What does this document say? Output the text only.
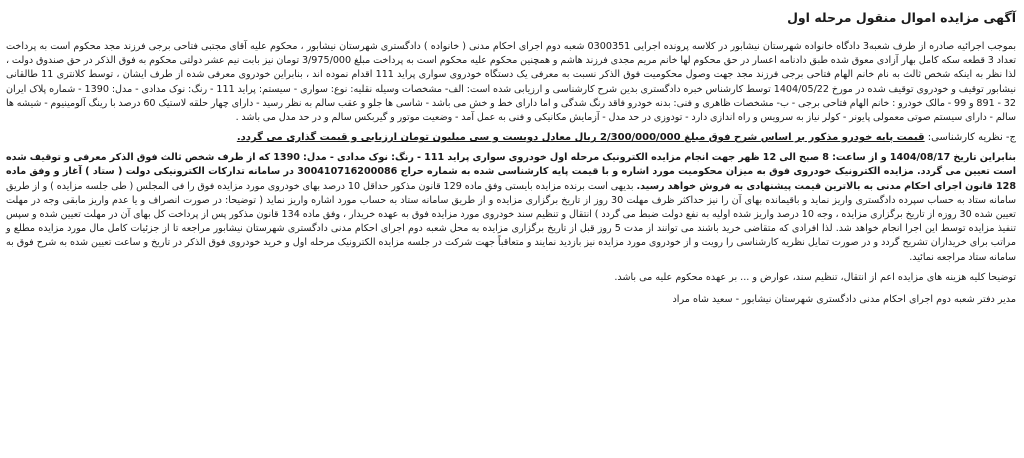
آگهی مزایده اموال منقول مرحله اول

بموجب اجرائیه صادره از طرف شعبه3 دادگاه خانواده شهرستان نیشابور در کلاسه پرونده اجرایی 0300351 شعبه دوم اجرای احکام مدنی ( خانواده ) دادگستری شهرستان نیشابور ، محکوم علیه آقای مجتبی فتاحی برجی فرزند مجد محکوم است به پرداخت تعداد 3 قطعه سکه کامل بهار آزادی معوق شده طبق دادنامه اعسار در حق محکوم لها خانم مریم مجدی فرزند هاشم و همچنین محکوم علیه محکوم است به پرداخت مبلغ 3/975/000 تومان نیز بابت نیم عشر دولتی محکوم به فوق الذکر در حق صندوق دولت ، لذا نظر به اینکه شخص ثالث به نام خانم الهام فتاحی برجی فرزند مجد جهت وصول محکومیت فوق الذکر نسبت به معرفی یک دستگاه خودروی سواری پراید 111 اقدام نموده اند ، بنابراین خودروی معرفی شده از طرف ایشان ، توسط کلانتری 11 طالقانی نیشابور توقیف و خودروی توقیف شده در مورخ 1404/05/22 توسط کارشناس خبره دادگستری بدین شرح کارشناسی و ارزیابی شده است: الف- مشخصات وسیله نقلیه: نوع: سواری - سیستم: پراید 111 - رنگ: نوک مدادی - مدل: 1390 - شماره پلاک ایران 32 - 891 و 99 - مالک خودرو : خانم الهام فتاحی برجی - ب- مشخصات ظاهری و فنی: بدنه خودرو فاقد رنگ شدگی و اما دارای خط و خش می باشد - شاسی ها جلو و عقب سالم به نظر رسید - دارای چهار حلقه لاستیک 60 درصد با رینگ آلومینیوم - شیشه ها سالم - دارای سیستم صوتی معمولی پایونر - کولر نیاز به سرویس و راه اندازی دارد - تودوزی در حد مدل - آزمایش مکانیکی و فنی به عمل آمد - وضعیت موتور و گیربکس سالم و در حد مدل می باشد .

ج- نظریه کارشناسی: قیمت پایه خودرو مذکور بر اساس شرح فوق مبلغ 2/300/000/000 ریال معادل دویست و سی میلیون تومان ارزیابی و قیمت گذاری می گردد.

بنابراین تاریخ 1404/08/17 و از ساعت: 8 صبح الی 12 ظهر جهت انجام مزایده الکترونیک مرحله اول خودروی سواری پراید 111 - رنگ: نوک مدادی - مدل: 1390 که از طرف شخص ثالث فوق الذکر معرفی و توقیف شده است تعیین می گردد. مزایده الکترونیک خودروی فوق به میزان محکومیت مورد اشاره و با قیمت پایه کارشناسی شده به شماره حراج 300410716200086 در سامانه تدارکات الکترونیکی دولت ( ستاد ) آغاز و وفق ماده 128 قانون اجرای احکام مدنی به بالاترین قیمت پیشنهادی به فروش خواهد رسید. بدیهی است برنده مزایده بایستی وفق ماده 129 قانون مذکور حداقل 10 درصد بهای خودروی مورد مزایده فوق را فی المجلس ( طی جلسه مزایده ) و از طریق سامانه ستاد به حساب سپرده دادگستری واریز نماید و باقیمانده بهای آن را نیز حداکثر ظرف مهلت 30 روز از تاریخ برگزاری مزایده و از طریق سامانه ستاد به حساب مورد اشاره واریز نماید ( توضیحا: در صورت انصراف و یا عدم واریز مابقی وجه در مهلت تعیین شده 30 روزه از تاریخ برگزاری مزایده ، وجه 10 درصد واریز شده اولیه به نفع دولت ضبط می گردد ) انتقال و تنظیم سند خودروی مورد مزایده فوق به عهده خریدار ، وفق ماده 134 قانون مذکور پس از پرداخت کل بهای آن در مهلت تعیین شده و سپس تنفیذ مزایده توسط این اجرا انجام خواهد شد. لذا افرادی که متقاضی خرید باشند می توانند از مدت 5 روز قبل از تاریخ برگزاری مزایده به محل شعبه دوم اجرای احکام مدنی دادگستری شهرستان نیشابور مراجعه تا از جزئیات کامل مال مورد مزایده مطلع و مراتب برای خریداران تشریح گردد و در صورت تمایل نظریه کارشناسی را رویت و از خودروی مورد مزایده نیز بازدید نمایند و متعاقباً جهت شرکت در جلسه مزایده الکترونیک مرحله اول و خرید خودروی فوق الذکر در تاریخ و ساعت تعیین شده به شرح فوق به سامانه ستاد مراجعه نمائید.

توضیحا کلیه هزینه های مزایده اعم از انتقال، تنظیم سند، عوارض و ... بر عهده محکوم علیه می باشد.
مدیر دفتر شعبه دوم اجرای احکام مدنی دادگستری شهرستان نیشابور - سعید شاه مراد
